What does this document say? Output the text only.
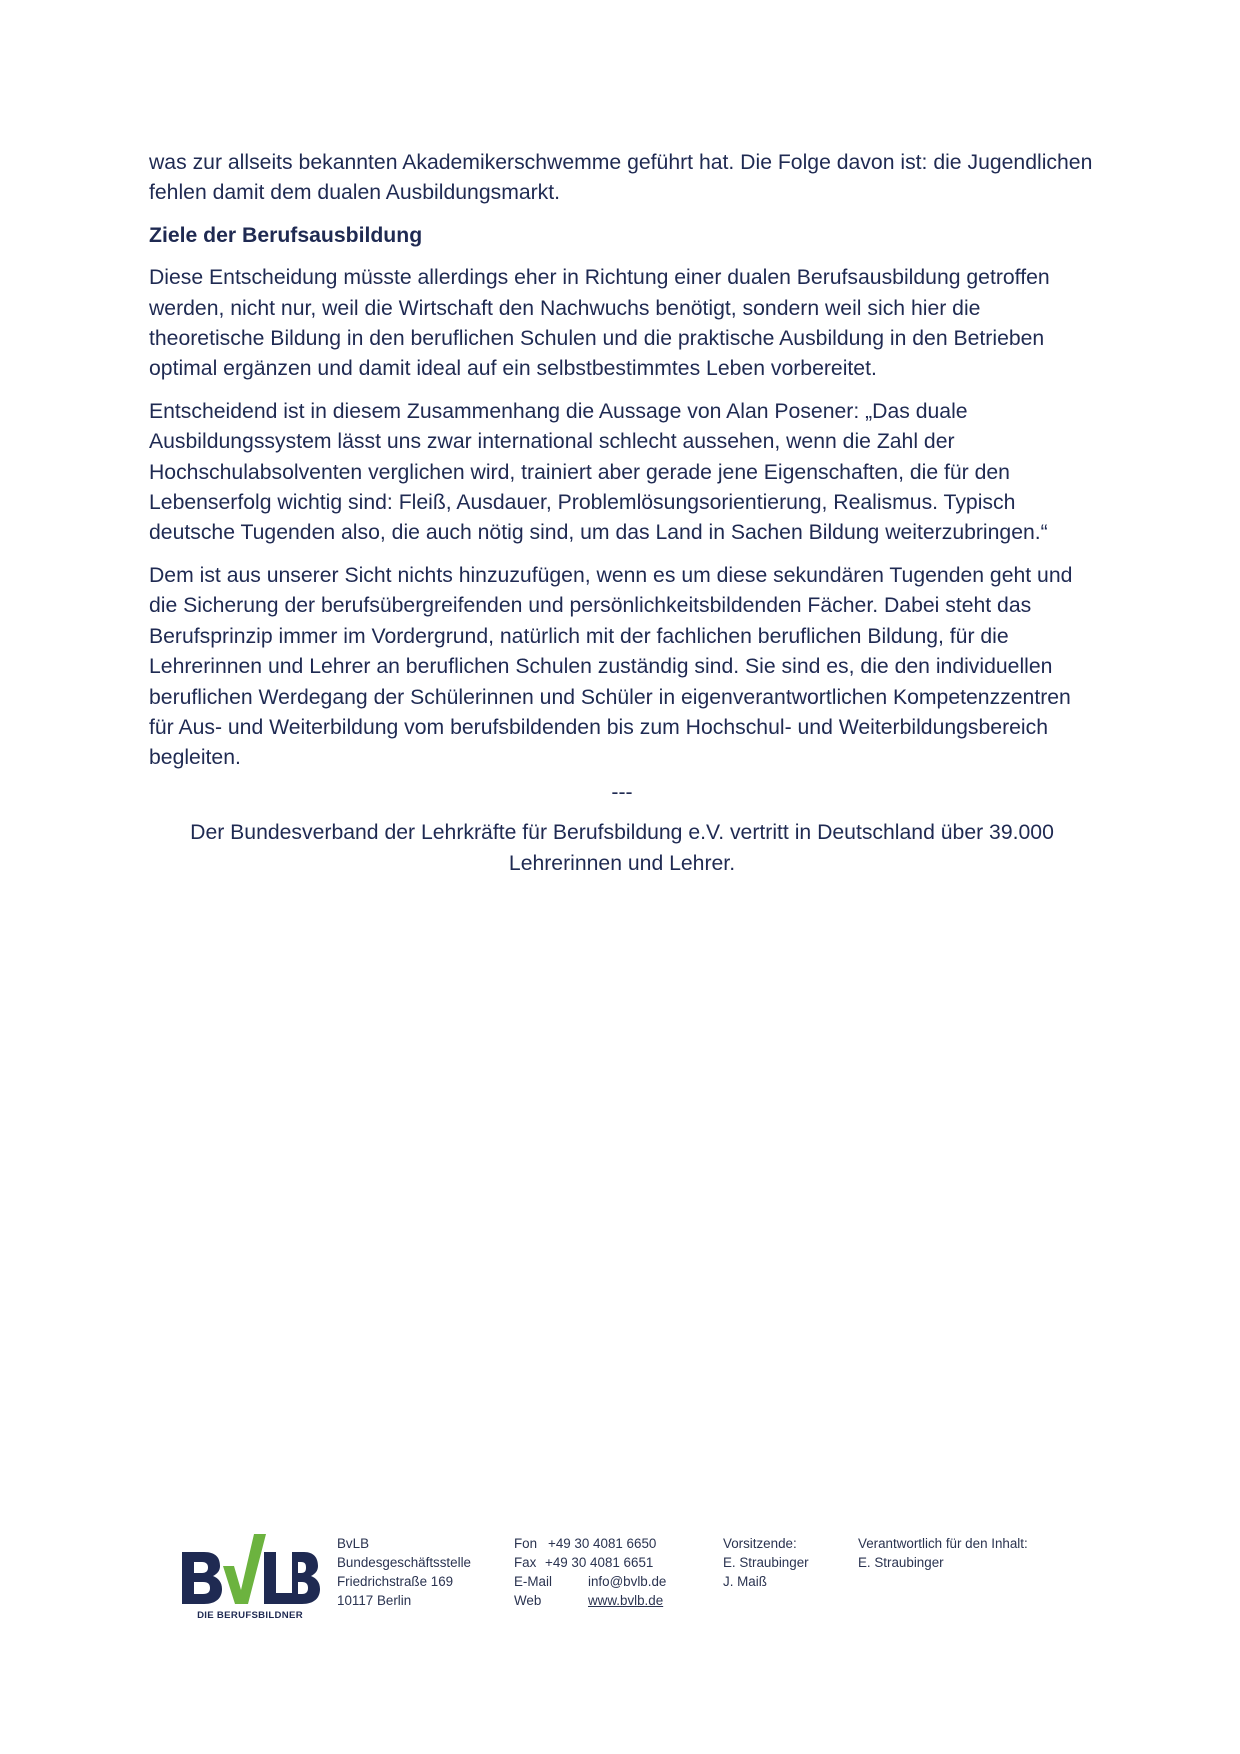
was zur allseits bekannten Akademikerschwemme geführt hat. Die Folge davon ist: die Jugendlichen fehlen damit dem dualen Ausbildungsmarkt.

Ziele der Berufsausbildung

Diese Entscheidung müsste allerdings eher in Richtung einer dualen Berufsausbildung getroffen werden, nicht nur, weil die Wirtschaft den Nachwuchs benötigt, sondern weil sich hier die theoretische Bildung in den beruflichen Schulen und die praktische Ausbildung in den Betrieben optimal ergänzen und damit ideal auf ein selbstbestimmtes Leben vorbereitet.

Entscheidend ist in diesem Zusammenhang die Aussage von Alan Posener: „Das duale Ausbildungssystem lässt uns zwar international schlecht aussehen, wenn die Zahl der Hochschulabsolventen verglichen wird, trainiert aber gerade jene Eigenschaften, die für den Lebenserfolg wichtig sind: Fleiß, Ausdauer, Problemlösungsorientierung, Realismus. Typisch deutsche Tugenden also, die auch nötig sind, um das Land in Sachen Bildung weiterzubringen.“

Dem ist aus unserer Sicht nichts hinzuzufügen, wenn es um diese sekundären Tugenden geht und die Sicherung der berufsübergreifenden und persönlichkeitsbildenden Fächer. Dabei steht das Berufsprinzip immer im Vordergrund, natürlich mit der fachlichen beruflichen Bildung, für die Lehrerinnen und Lehrer an beruflichen Schulen zuständig sind. Sie sind es, die den individuellen beruflichen Werdegang der Schülerinnen und Schüler in eigenverantwortlichen Kompetenzzentren für Aus- und Weiterbildung vom berufsbildenden bis zum Hochschul- und Weiterbildungsbereich begleiten.

---

Der Bundesverband der Lehrkräfte für Berufsbildung e.V. vertritt in Deutschland über 39.000 Lehrerinnen und Lehrer.

DIE BERUFSBILDNER
BvLB
Bundesgeschäftsstelle
Friedrichstraße 169
10117 Berlin
Fon +49 30 4081 6650
Fax +49 30 4081 6651
E-Mail	info@bvlb.de
Web	www.bvlb.de
Vorsitzende:
E. Straubinger
J. Maiß
Verantwortlich für den Inhalt:
E. Straubinger
